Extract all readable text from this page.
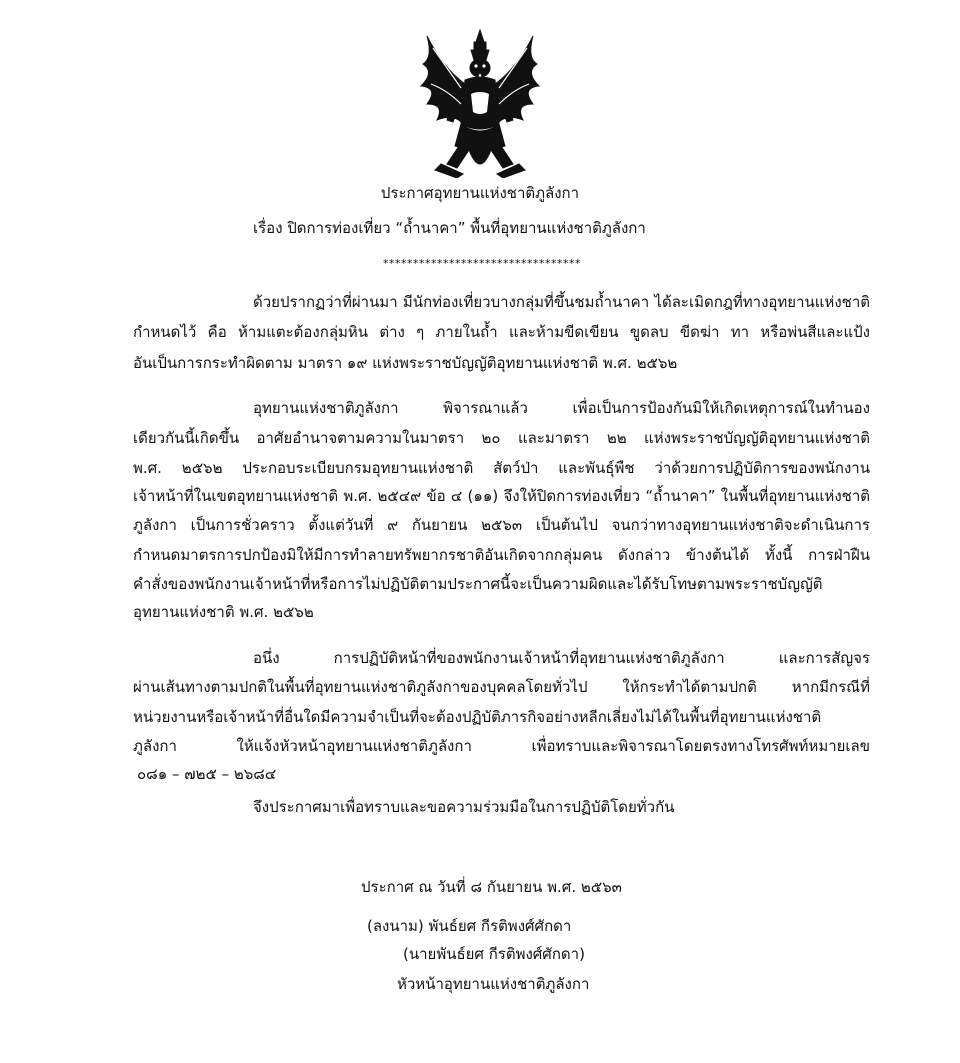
ประกาศอุทยานแห่งชาติภูลังกา
เรื่อง ปิดการท่องเที่ยว “ถ้ำนาคา” พื้นที่อุทยานแห่งชาติภูลังกา
*********************************
ด้วยปรากฏว่าที่ผ่านมา มีนักท่องเที่ยวบางกลุ่มที่ขึ้นชมถ้ำนาคา ได้ละเมิดกฎที่ทางอุทยานแห่งชาติ
กำหนดไว้ คือ ห้ามแตะต้องกลุ่มหิน ต่าง ๆ ภายในถ้ำ และห้ามขีดเขียน ขูดลบ ขีดฆ่า ทา หรือพ่นสีและแป้ง
อันเป็นการกระทำผิดตาม มาตรา ๑๙ แห่งพระราชบัญญัติอุทยานแห่งชาติ พ.ศ. ๒๕๖๒
อุทยานแห่งชาติภูลังกา พิจารณาแล้ว เพื่อเป็นการป้องกันมิให้เกิดเหตุการณ์ในทำนอง
เดียวกันนี้เกิดขึ้น อาศัยอำนาจตามความในมาตรา ๒๐ และมาตรา ๒๒ แห่งพระราชบัญญัติอุทยานแห่งชาติ
พ.ศ. ๒๕๖๒ ประกอบระเบียบกรมอุทยานแห่งชาติ สัตว์ป่า และพันธุ์พืช ว่าด้วยการปฏิบัติการของพนักงาน
เจ้าหน้าที่ในเขตอุทยานแห่งชาติ พ.ศ. ๒๕๔๙ ข้อ ๔ (๑๑) จึงให้ปิดการท่องเที่ยว “ถ้ำนาคา” ในพื้นที่อุทยานแห่งชาติ
ภูลังกา เป็นการชั่วคราว ตั้งแต่วันที่ ๙ กันยายน ๒๕๖๓ เป็นต้นไป จนกว่าทางอุทยานแห่งชาติจะดำเนินการ
กำหนดมาตรการปกป้องมิให้มีการทำลายทรัพยากรชาติอันเกิดจากกลุ่มคน ดังกล่าว ข้างต้นได้ ทั้งนี้ การฝ่าฝืน
คำสั่งของพนักงานเจ้าหน้าที่หรือการไม่ปฏิบัติตามประกาศนี้จะเป็นความผิดและได้รับโทษตามพระราชบัญญัติ
อุทยานแห่งชาติ พ.ศ. ๒๕๖๒
อนึ่ง การปฏิบัติหน้าที่ของพนักงานเจ้าหน้าที่อุทยานแห่งชาติภูลังกา และการสัญจร
ผ่านเส้นทางตามปกติในพื้นที่อุทยานแห่งชาติภูลังกาของบุคคลโดยทั่วไป ให้กระทำได้ตามปกติ หากมีกรณีที่
หน่วยงานหรือเจ้าหน้าที่อื่นใดมีความจำเป็นที่จะต้องปฏิบัติภารกิจอย่างหลีกเลี่ยงไม่ได้ในพื้นที่อุทยานแห่งชาติ
ภูลังกา ให้แจ้งหัวหน้าอุทยานแห่งชาติภูลังกา เพื่อทราบและพิจารณาโดยตรงทางโทรศัพท์หมายเลข
๐๘๑ – ๗๒๕ – ๒๖๘๔
จึงประกาศมาเพื่อทราบและขอความร่วมมือในการปฏิบัติโดยทั่วกัน
ประกาศ ณ วันที่ ๘ กันยายน พ.ศ. ๒๕๖๓
(ลงนาม) พันธ์ยศ กีรติพงศ์ศักดา
(นายพันธ์ยศ กีรติพงศ์ศักดา)
หัวหน้าอุทยานแห่งชาติภูลังกา
